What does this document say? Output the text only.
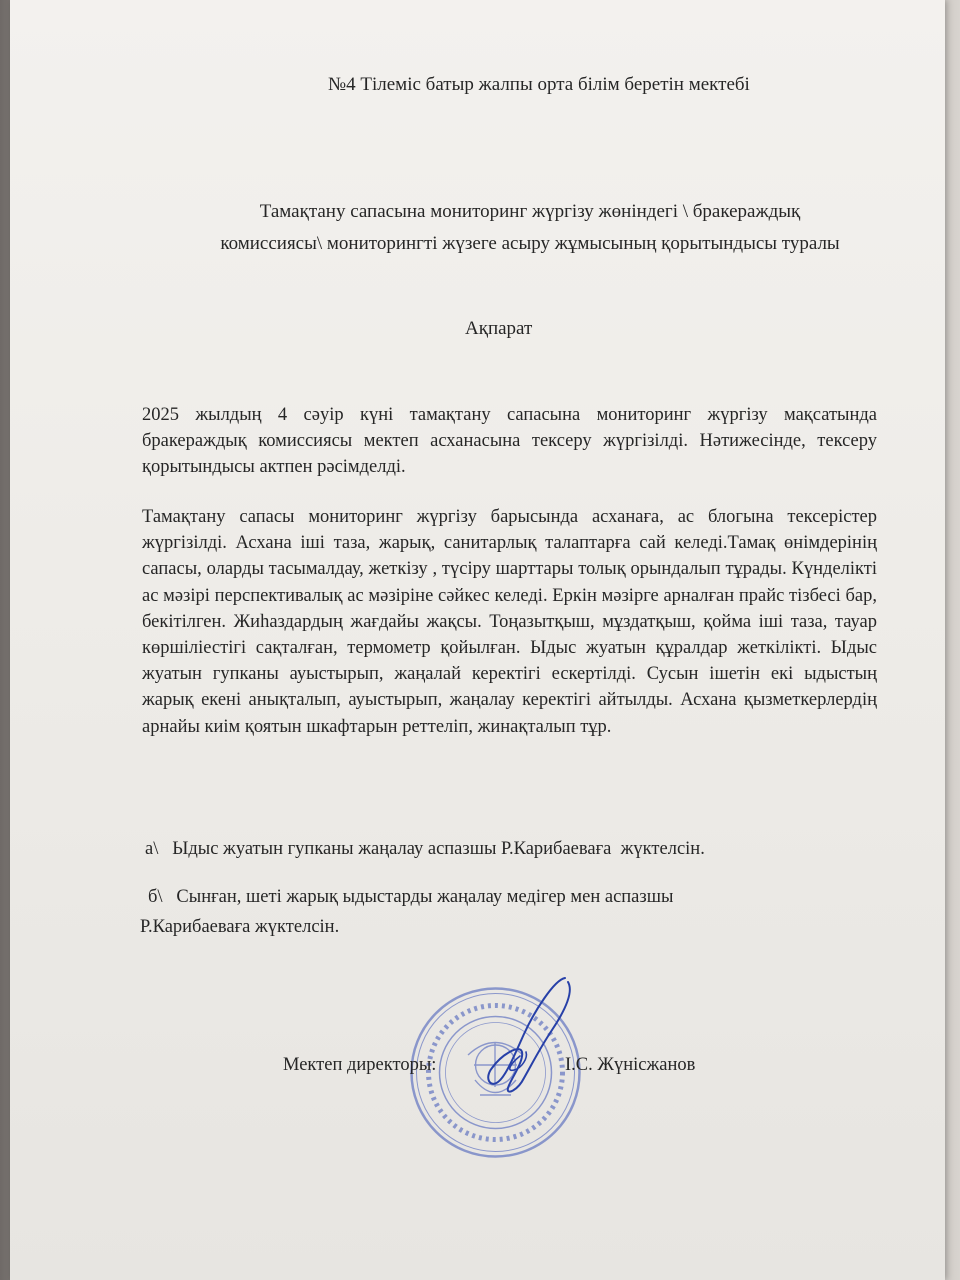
№4 Тілеміс батыр жалпы орта білім беретін мектебі
Тамақтану сапасына мониторинг жүргізу жөніндегі \ бракераждық
комиссиясы\ мониторингті жүзеге асыру жұмысының қорытындысы туралы
Ақпарат
2025 жылдың 4 сәуір күні тамақтану сапасына мониторинг жүргізу мақсатында бракераждық комиссиясы мектеп асханасына тексеру жүргізілді. Нәтижесінде, тексеру қорытындысы актпен рәсімделді.
Тамақтану сапасы мониторинг жүргізу барысында асханаға, ас блогына тексерістер жүргізілді. Асхана іші таза, жарық, санитарлық талаптарға сай келеді.Тамақ өнімдерінің сапасы, оларды тасымалдау, жеткізу , түсіру шарттары толық орындалып тұрады. Күнделікті ас мәзірі перспективалық ас мәзіріне сәйкес келеді. Еркін мәзірге арналған прайс тізбесі бар, бекітілген. Жиһаздардың жағдайы жақсы. Тоңазытқыш, мұздатқыш, қойма іші таза, тауар көршіліестігі сақталған, термометр қойылған. Ыдыс жуатын құралдар жеткілікті. Ыдыс жуатын гупканы ауыстырып, жаңалай керектігі ескертілді. Сусын ішетін екі ыдыстың жарық екені анықталып, ауыстырып, жаңалау керектігі айтылды. Асхана қызметкерлердің арнайы киім қоятын шкафтарын реттеліп, жинақталып тұр.
а\   Ыдыс жуатын гупканы жаңалау аспазшы Р.Карибаеваға  жүктелсін.
б\   Сынған, шеті жарық ыдыстарды жаңалау медігер мен аспазшы
Р.Карибаеваға жүктелсін.
Мектеп директоры:	І.С. Жүнісжанов
